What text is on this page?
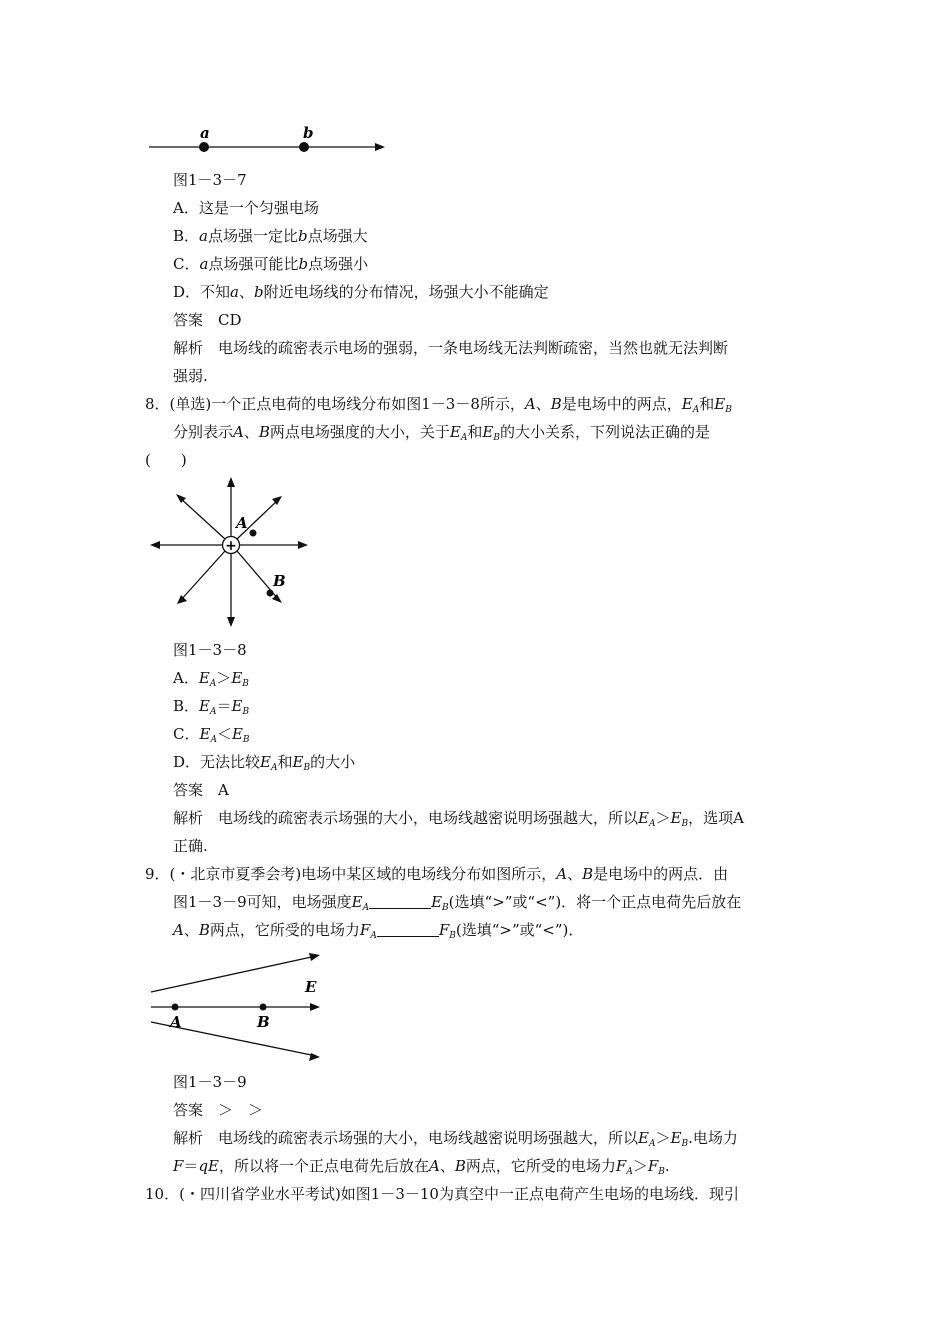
a	b
图1－3－7
A．这是一个匀强电场
B．a点场强一定比b点场强大
C．a点场强可能比b点场强小
D．不知a、b附近电场线的分布情况，场强大小不能确定
答案　CD
解析　电场线的疏密表示电场的强弱，一条电场线无法判断疏密，当然也就无法判断
强弱.
8．(单选)一个正点电荷的电场线分布如图1－3－8所示，A、B是电场中的两点，$E_A$和$E_B$
分别表示A、B两点电场强度的大小，关于$E_A$和$E_B$的大小关系，下列说法正确的是
(　　)
+
A
B
图1－3－8
A．$E_A>E_B$
B．$E_A=E_B$
C．$E_A<E_B$
D．无法比较$E_A$和$E_B$的大小
答案　A
解析　电场线的疏密表示场强的大小，电场线越密说明场强越大，所以$E_A>E_B$，选项A
正确.
9．(・北京市夏季会考)电场中某区域的电场线分布如图所示，A、B是电场中的两点．由
图1－3－9可知，电场强度$E_A$	$E_B$(选填“>”或“<”)．将一个正点电荷先后放在
A、B两点，它所受的电场力$F_A$	$F_B$(选填“>”或“<”)．
A	B
E
图1－3－9
答案　＞　＞
解析　电场线的疏密表示场强的大小，电场线越密说明场强越大，所以$E_A>E_B$.电场力
F＝qE，所以将一个正点电荷先后放在A、B两点，它所受的电场力$F_A>F_B$.
10．(・四川省学业水平考试)如图1－3－10为真空中一正点电荷产生电场的电场线．现引
